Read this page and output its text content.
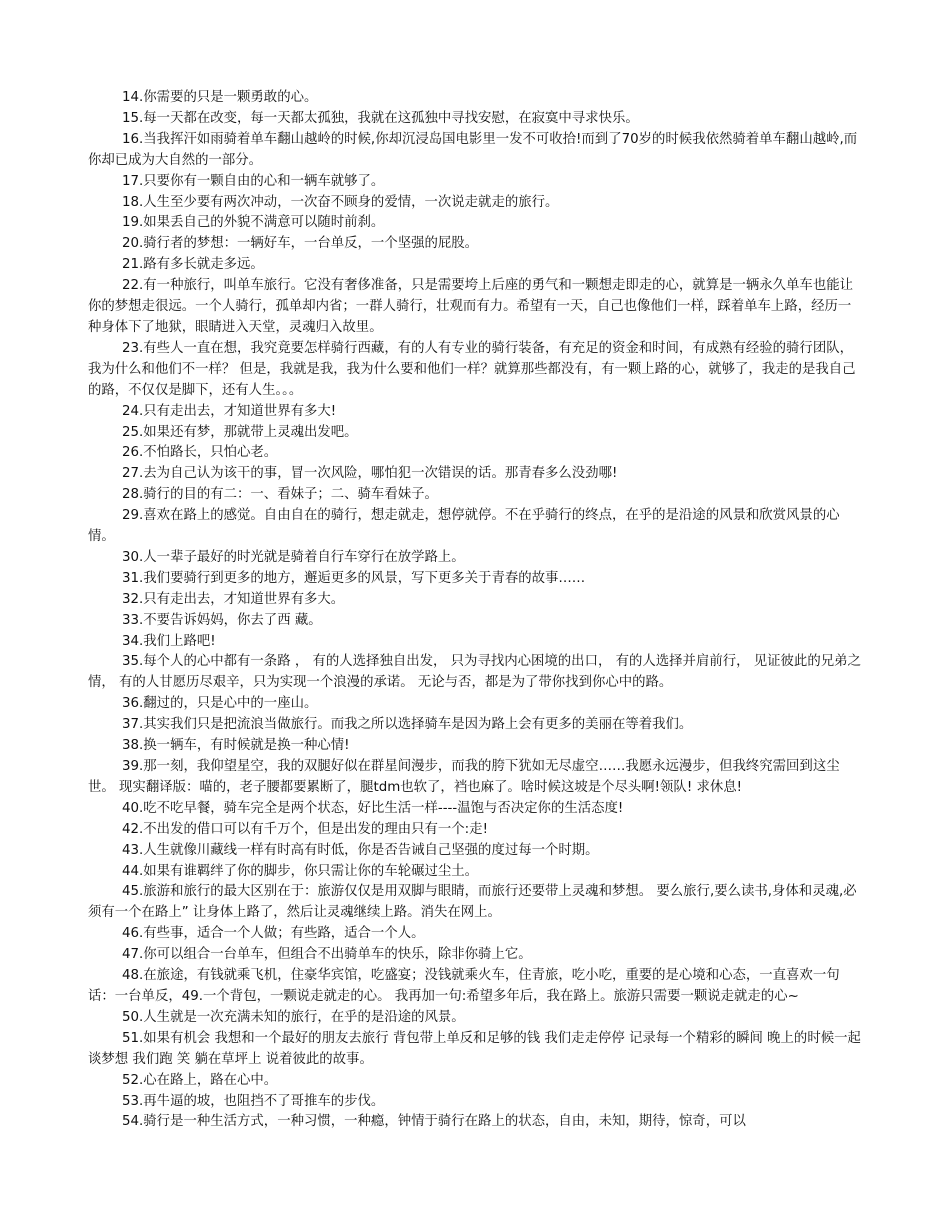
14.你需要的只是一颗勇敢的心。

15.每一天都在改变，每一天都太孤独，我就在这孤独中寻找安慰，在寂寞中寻求快乐。

16.当我挥汗如雨骑着单车翻山越岭的时候,你却沉浸岛国电影里一发不可收拾!而到了70岁的时候我依然骑着单车翻山越岭,而你却已成为大自然的一部分。

17.只要你有一颗自由的心和一辆车就够了。

18.人生至少要有两次冲动，一次奋不顾身的爱情，一次说走就走的旅行。

19.如果丢自己的外貌不满意可以随时前刹。

20.骑行者的梦想：一辆好车，一台单反，一个坚强的屁股。

21.路有多长就走多远。

22.有一种旅行，叫单车旅行。它没有奢侈准备，只是需要垮上后座的勇气和一颗想走即走的心，就算是一辆永久单车也能让你的梦想走很远。一个人骑行，孤单却内省；一群人骑行，壮观而有力。希望有一天，自己也像他们一样，踩着单车上路，经历一种身体下了地狱，眼睛进入天堂，灵魂归入故里。

23.有些人一直在想，我究竟要怎样骑行西藏，有的人有专业的骑行装备，有充足的资金和时间，有成熟有经验的骑行团队，我为什么和他们不一样？ 但是，我就是我，我为什么要和他们一样？就算那些都没有，有一颗上路的心，就够了，我走的是我自己的路，不仅仅是脚下，还有人生。。。

24.只有走出去，才知道世界有多大!

25.如果还有梦，那就带上灵魂出发吧。

26.不怕路长，只怕心老。

27.去为自己认为该干的事，冒一次风险，哪怕犯一次错误的话。那青春多么没劲哪!

28.骑行的目的有二：一、看妹子；二、骑车看妹子。

29.喜欢在路上的感觉。自由自在的骑行，想走就走，想停就停。不在乎骑行的终点，在乎的是沿途的风景和欣赏风景的心情。

30.人一辈子最好的时光就是骑着自行车穿行在放学路上。

31.我们要骑行到更多的地方，邂逅更多的风景，写下更多关于青春的故事……

32.只有走出去，才知道世界有多大。

33.不要告诉妈妈，你去了西 藏。

34.我们上路吧!

35.每个人的心中都有一条路 ， 有的人选择独自出发， 只为寻找内心困境的出口， 有的人选择并肩前行， 见证彼此的兄弟之情， 有的人甘愿历尽艰辛，只为实现一个浪漫的承诺。 无论与否，都是为了带你找到你心中的路。

36.翻过的，只是心中的一座山。

37.其实我们只是把流浪当做旅行。而我之所以选择骑车是因为路上会有更多的美丽在等着我们。

38.换一辆车，有时候就是换一种心情!

39.那一刻，我仰望星空，我的双腿好似在群星间漫步，而我的胯下犹如无尽虚空……我愿永远漫步，但我终究需回到这尘世。 现实翻译版：喵的，老子腰都要累断了，腿tdm也软了，裆也麻了。啥时候这坡是个尽头啊!领队! 求休息!

40.吃不吃早餐，骑车完全是两个状态，好比生活一样----温饱与否决定你的生活态度!

42.不出发的借口可以有千万个，但是出发的理由只有一个:走!

43.人生就像川藏线一样有时高有时低，你是否告诫自己坚强的度过每一个时期。

44.如果有谁羁绊了你的脚步，你只需让你的车轮碾过尘土。

45.旅游和旅行的最大区别在于：旅游仅仅是用双脚与眼睛，而旅行还要带上灵魂和梦想。 要么旅行,要么读书,身体和灵魂,必须有一个在路上” 让身体上路了，然后让灵魂继续上路。消失在网上。

46.有些事，适合一个人做；有些路，适合一个人。

47.你可以组合一台单车，但组合不出骑单车的快乐，除非你骑上它。

48.在旅途，有钱就乘飞机，住豪华宾馆，吃盛宴；没钱就乘火车，住青旅，吃小吃，重要的是心境和心态，一直喜欢一句话：一台单反，49.一个背包，一颗说走就走的心。 我再加一句:希望多年后，我在路上。旅游只需要一颗说走就走的心~

50.人生就是一次充满未知的旅行，在乎的是沿途的风景。

51.如果有机会 我想和一个最好的朋友去旅行 背包带上单反和足够的钱 我们走走停停 记录每一个精彩的瞬间 晚上的时候一起谈梦想 我们跑 笑 躺在草坪上 说着彼此的故事。

52.心在路上，路在心中。

53.再牛逼的坡，也阻挡不了哥推车的步伐。

54.骑行是一种生活方式，一种习惯，一种瘾，钟情于骑行在路上的状态，自由，未知，期待，惊奇，可以
